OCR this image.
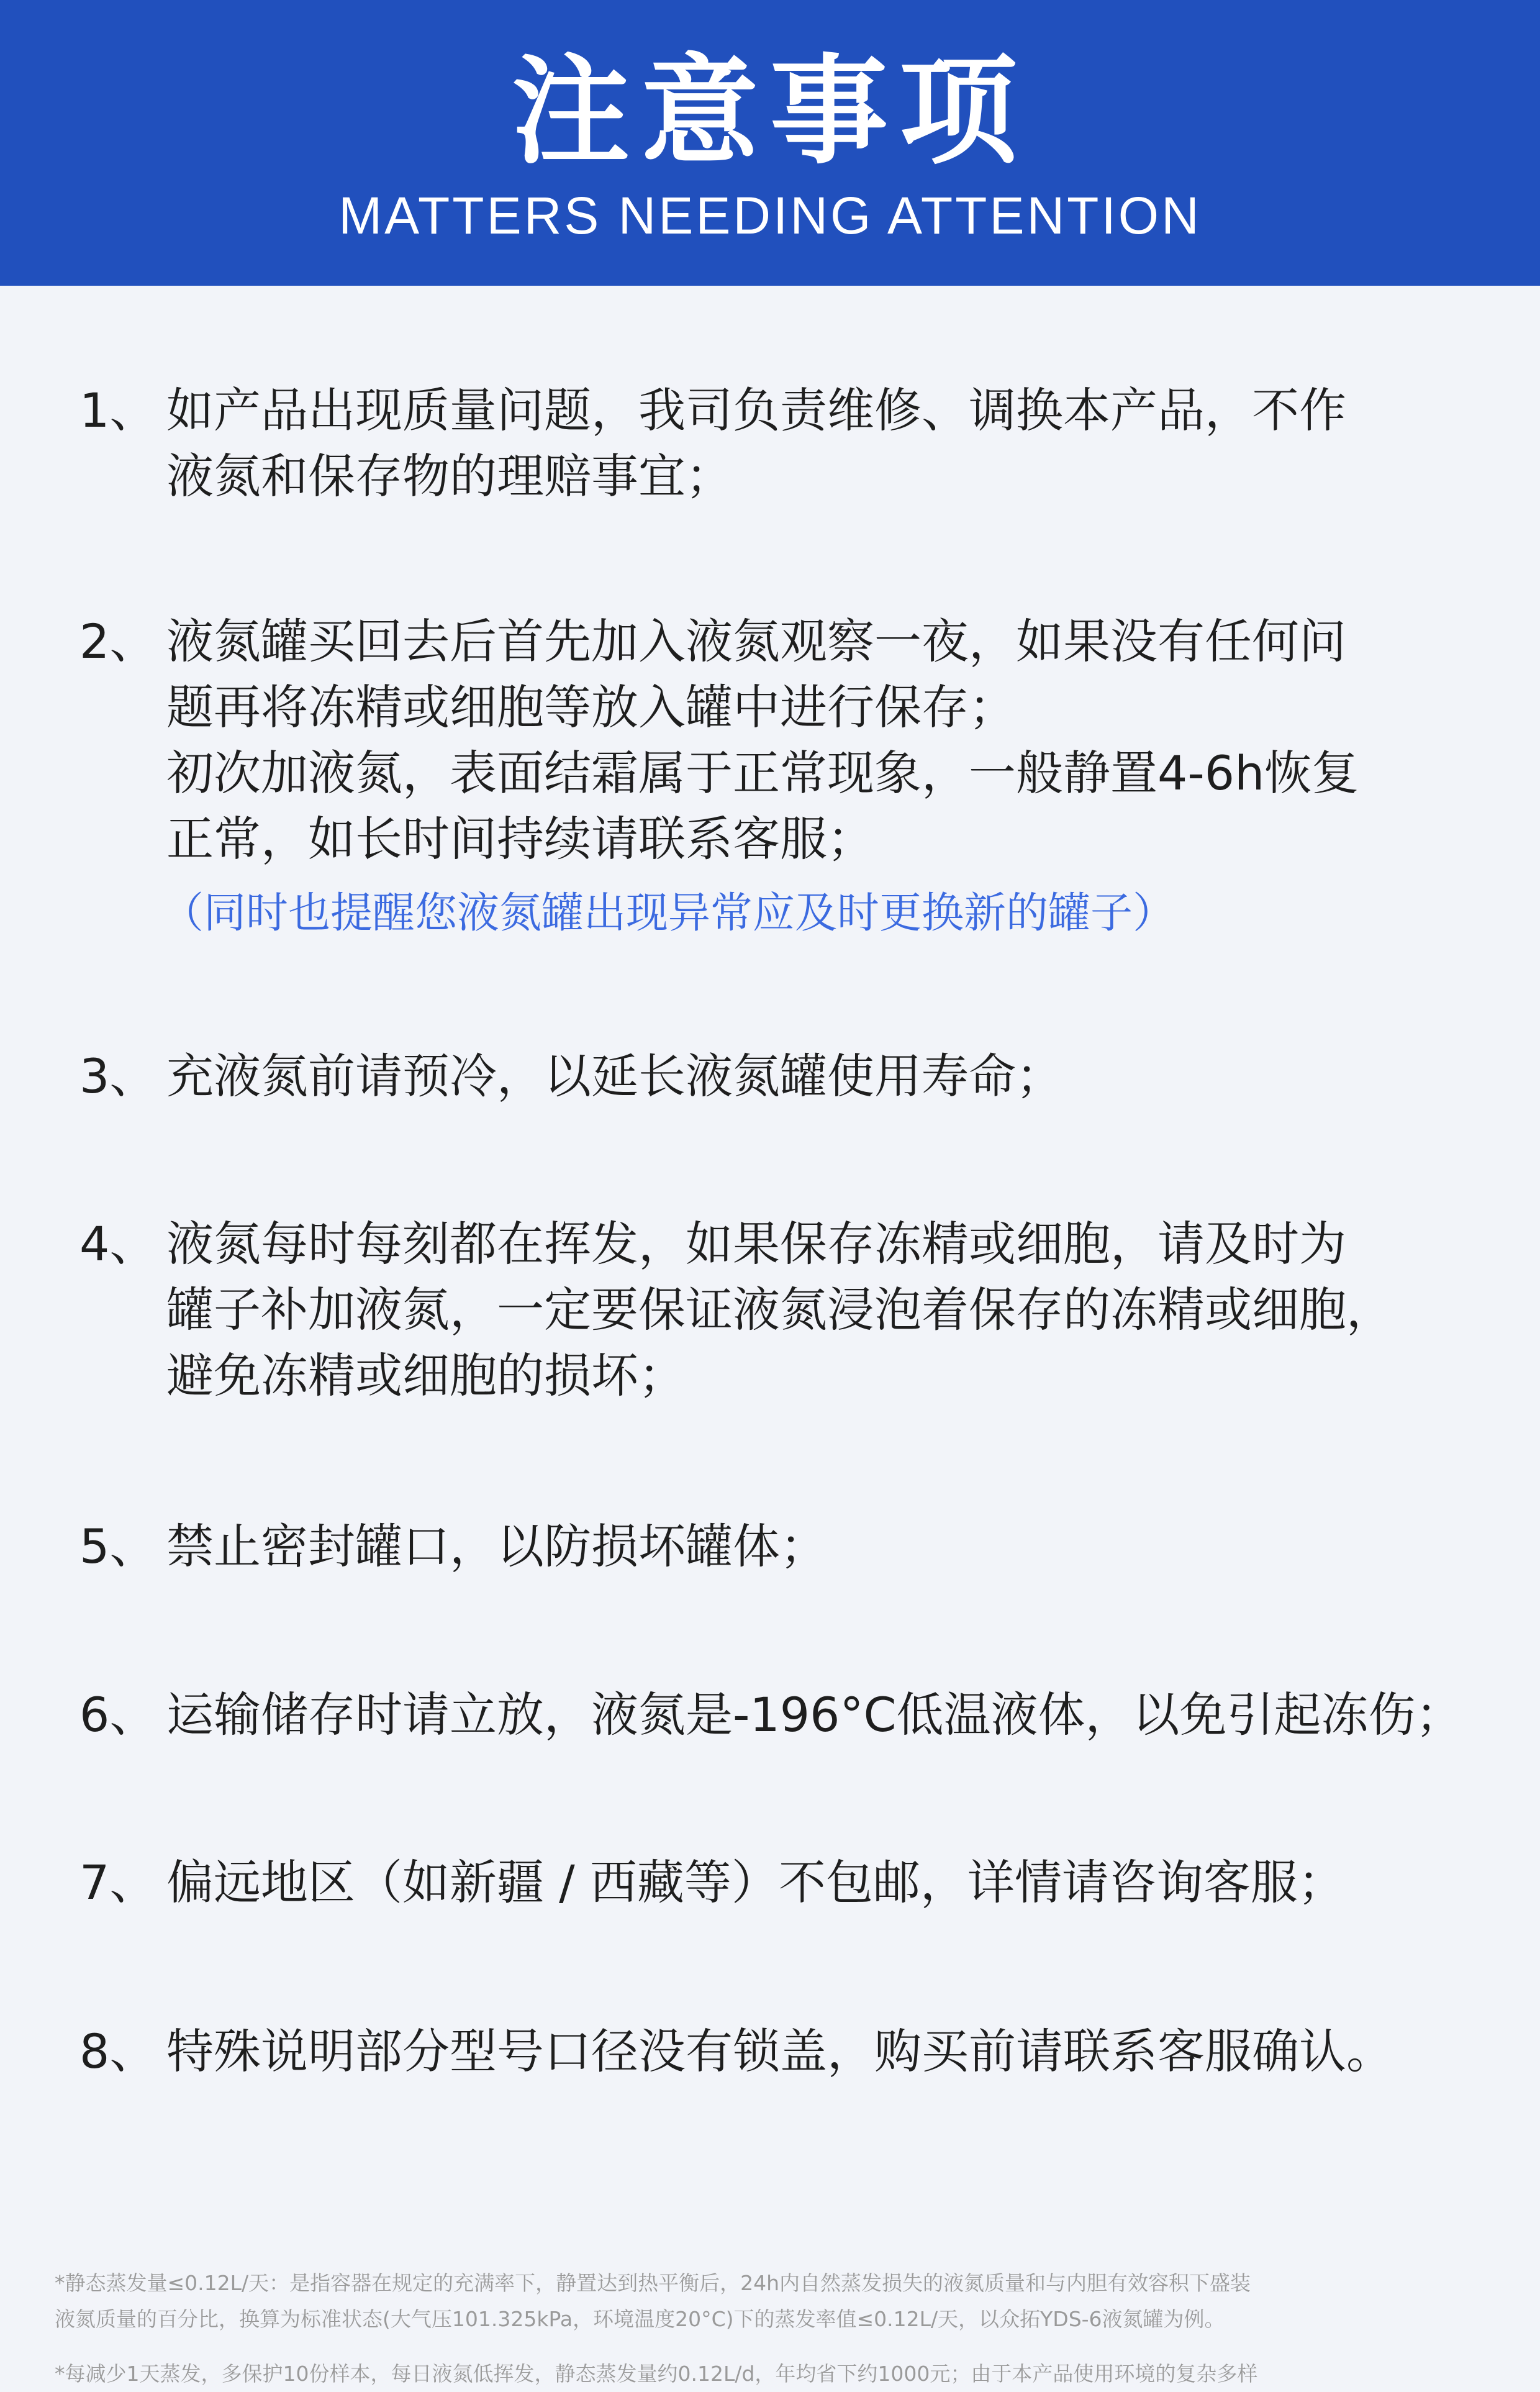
注意事项
MATTERS NEEDING ATTENTION
1、 如产品出现质量问题，我司负责维修、调换本产品，不作
液氮和保存物的理赔事宜；
2、 液氮罐买回去后首先加入液氮观察一夜，如果没有任何问
题再将冻精或细胞等放入罐中进行保存；
初次加液氮，表面结霜属于正常现象，一般静置4-6h恢复
正常，如长时间持续请联系客服；
（同时也提醒您液氮罐出现异常应及时更换新的罐子）
3、 充液氮前请预冷，以延长液氮罐使用寿命；
4、 液氮每时每刻都在挥发，如果保存冻精或细胞，请及时为
罐子补加液氮，一定要保证液氮浸泡着保存的冻精或细胞，
避免冻精或细胞的损坏；
5、 禁止密封罐口，以防损坏罐体；
6、 运输储存时请立放，液氮是-196°C低温液体，以免引起冻伤；
7、 偏远地区（如新疆 / 西藏等）不包邮，详情请咨询客服；
8、 特殊说明部分型号口径没有锁盖，购买前请联系客服确认。
*静态蒸发量≤0.12L/天：是指容器在规定的充满率下，静置达到热平衡后，24h内自然蒸发损失的液氮质量和与内胆有效容积下盛装
液氮质量的百分比，换算为标准状态(大气压101.325kPa，环境温度20°C)下的蒸发率值≤0.12L/天，以众拓YDS-6液氮罐为例。
*每减少1天蒸发，多保护10份样本，每日液氮低挥发，静态蒸发量约0.12L/d，年均省下约1000元；由于本产品使用环境的复杂多样
